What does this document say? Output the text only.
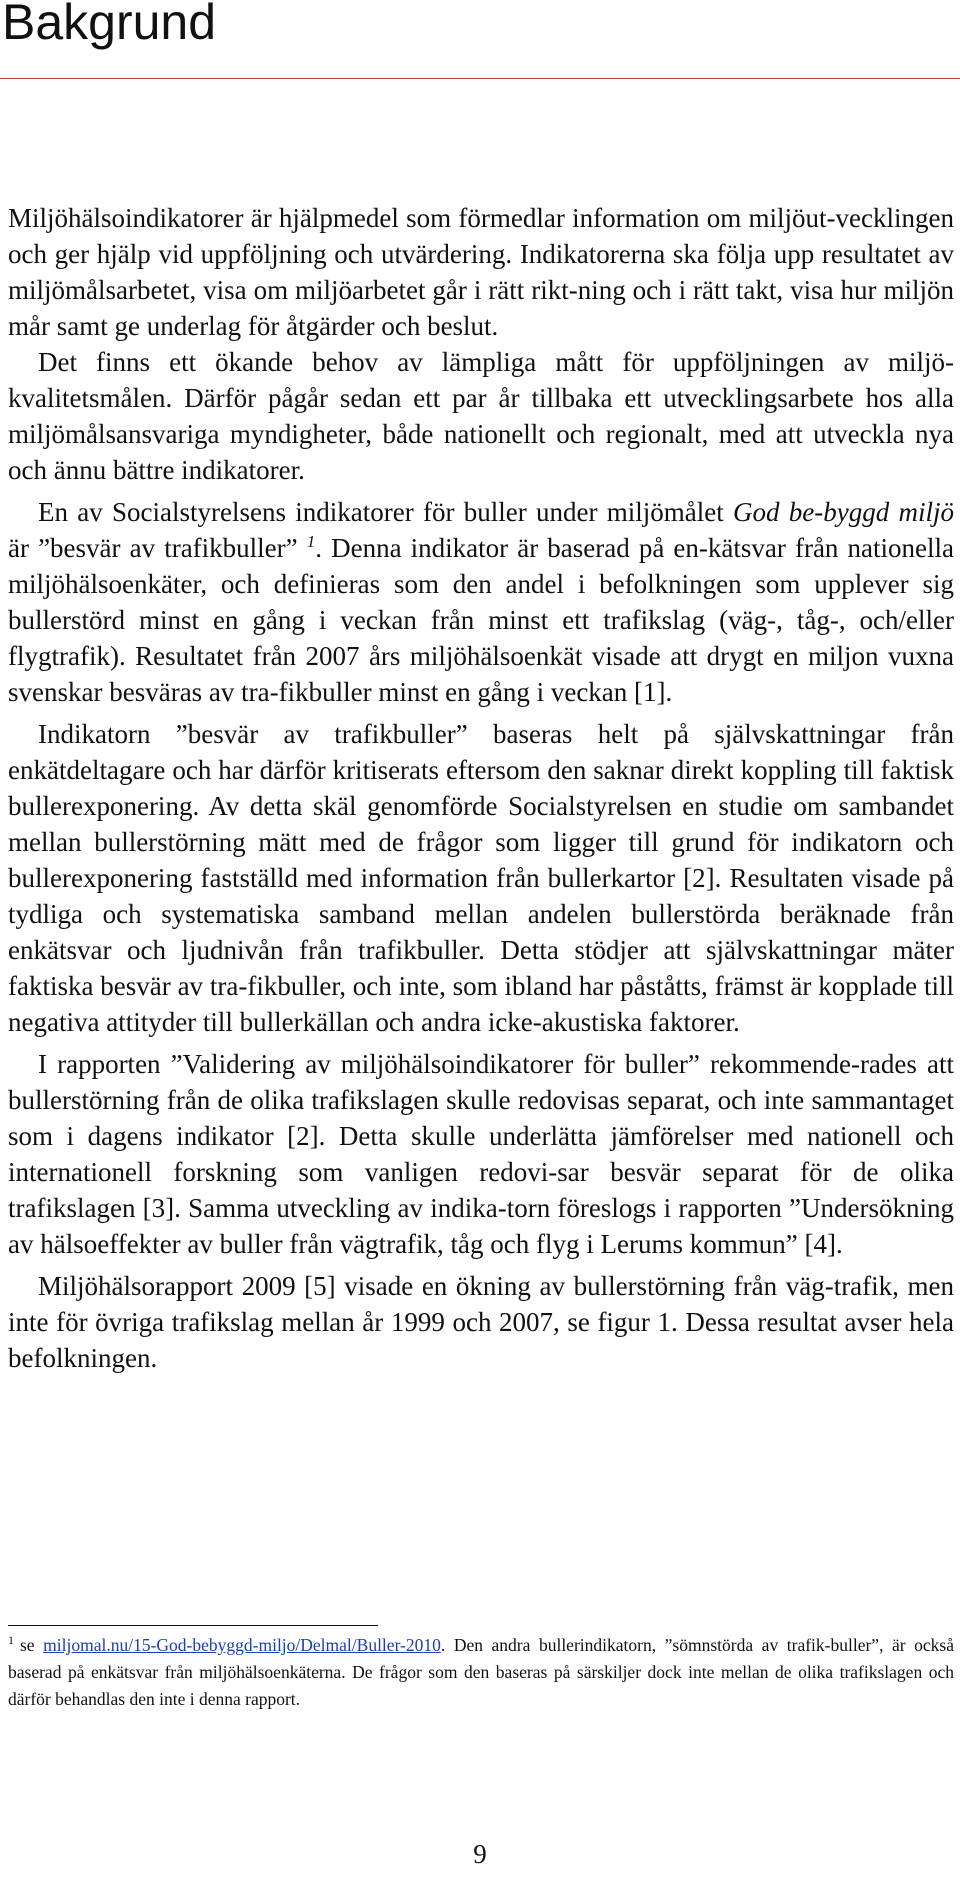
Bakgrund

Miljöhälsoindikatorer är hjälpmedel som förmedlar information om miljöut-vecklingen och ger hjälp vid uppföljning och utvärdering. Indikatorerna ska följa upp resultatet av miljömålsarbetet, visa om miljöarbetet går i rätt rikt-ning och i rätt takt, visa hur miljön mår samt ge underlag för åtgärder och beslut.

Det finns ett ökande behov av lämpliga mått för uppföljningen av miljö-kvalitetsmålen. Därför pågår sedan ett par år tillbaka ett utvecklingsarbete hos alla miljömålsansvariga myndigheter, både nationellt och regionalt, med att utveckla nya och ännu bättre indikatorer.

En av Socialstyrelsens indikatorer för buller under miljömålet God be-byggd miljö är ”besvär av trafikbuller” $^1$. Denna indikator är baserad på en-kätsvar från nationella miljöhälsoenkäter, och definieras som den andel i befolkningen som upplever sig bullerstörd minst en gång i veckan från minst ett trafikslag (väg-, tåg-, och/eller flygtrafik). Resultatet från 2007 års miljöhälsoenkät visade att drygt en miljon vuxna svenskar besväras av tra-fikbuller minst en gång i veckan [1].

Indikatorn ”besvär av trafikbuller” baseras helt på självskattningar från enkätdeltagare och har därför kritiserats eftersom den saknar direkt koppling till faktisk bullerexponering. Av detta skäl genomförde Socialstyrelsen en studie om sambandet mellan bullerstörning mätt med de frågor som ligger till grund för indikatorn och bullerexponering fastställd med information från bullerkartor [2]. Resultaten visade på tydliga och systematiska samband mellan andelen bullerstörda beräknade från enkätsvar och ljudnivån från trafikbuller. Detta stödjer att självskattningar mäter faktiska besvär av tra-fikbuller, och inte, som ibland har påståtts, främst är kopplade till negativa attityder till bullerkällan och andra icke-akustiska faktorer.

I rapporten ”Validering av miljöhälsoindikatorer för buller” rekommende-rades att bullerstörning från de olika trafikslagen skulle redovisas separat, och inte sammantaget som i dagens indikator [2]. Detta skulle underlätta jämförelser med nationell och internationell forskning som vanligen redovi-sar besvär separat för de olika trafikslagen [3]. Samma utveckling av indika-torn föreslogs i rapporten ”Undersökning av hälsoeffekter av buller från vägtrafik, tåg och flyg i Lerums kommun” [4].

Miljöhälsorapport 2009 [5] visade en ökning av bullerstörning från väg-trafik, men inte för övriga trafikslag mellan år 1999 och 2007, se figur 1. Dessa resultat avser hela befolkningen.

$^1$ se miljomal.nu/15-God-bebyggd-miljo/Delmal/Buller-2010. Den andra bullerindikatorn, ”sömnstörda av trafik-buller”, är också baserad på enkätsvar från miljöhälsoenkäterna. De frågor som den baseras på särskiljer dock inte mellan de olika trafikslagen och därför behandlas den inte i denna rapport.

9
